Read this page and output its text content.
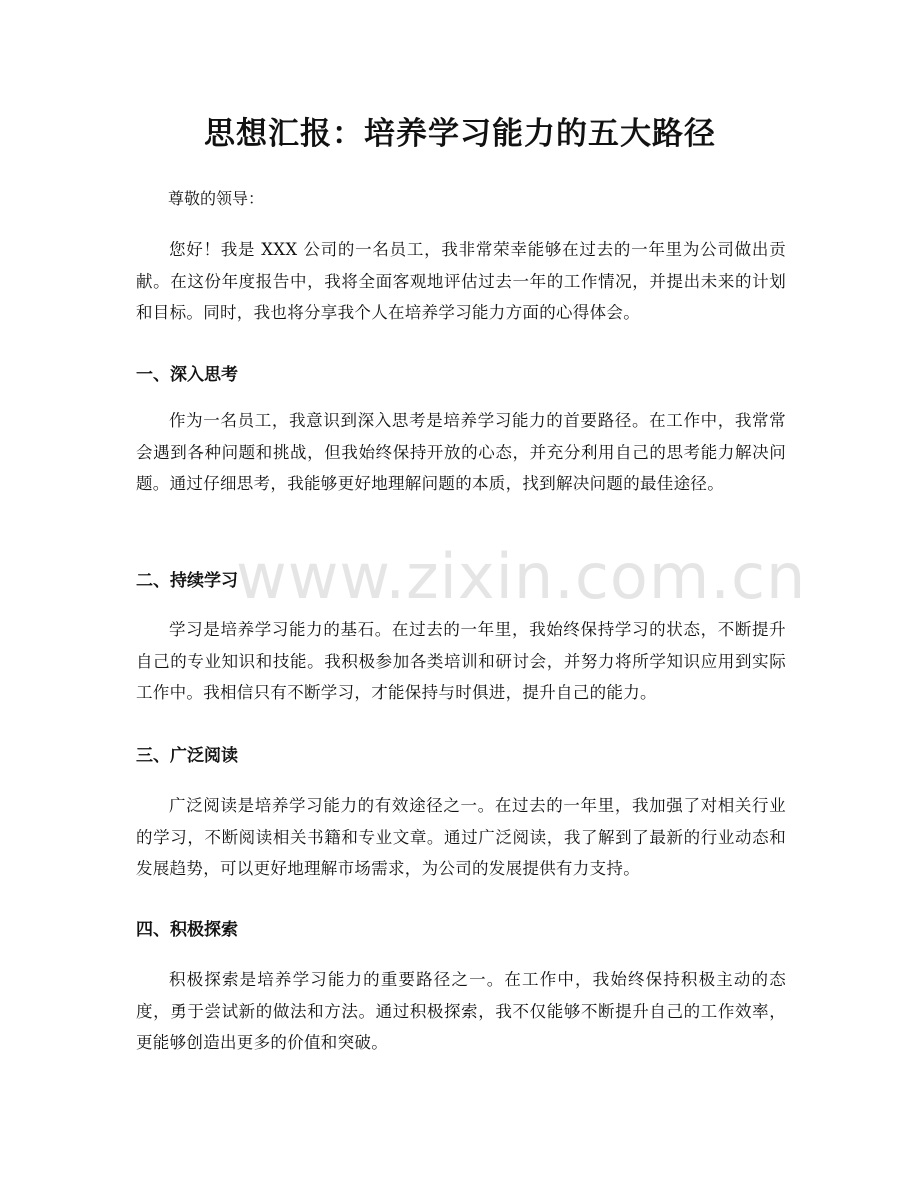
思想汇报：培养学习能力的五大路径

尊敬的领导：

您好！我是 XXX 公司的一名员工，我非常荣幸能够在过去的一年里为公司做出贡献。在这份年度报告中，我将全面客观地评估过去一年的工作情况，并提出未来的计划和目标。同时，我也将分享我个人在培养学习能力方面的心得体会。

一、深入思考

作为一名员工，我意识到深入思考是培养学习能力的首要路径。在工作中，我常常会遇到各种问题和挑战，但我始终保持开放的心态，并充分利用自己的思考能力解决问题。通过仔细思考，我能够更好地理解问题的本质，找到解决问题的最佳途径。

二、持续学习

学习是培养学习能力的基石。在过去的一年里，我始终保持学习的状态，不断提升自己的专业知识和技能。我积极参加各类培训和研讨会，并努力将所学知识应用到实际工作中。我相信只有不断学习，才能保持与时俱进，提升自己的能力。

三、广泛阅读

广泛阅读是培养学习能力的有效途径之一。在过去的一年里，我加强了对相关行业的学习，不断阅读相关书籍和专业文章。通过广泛阅读，我了解到了最新的行业动态和发展趋势，可以更好地理解市场需求，为公司的发展提供有力支持。

四、积极探索

积极探索是培养学习能力的重要路径之一。在工作中，我始终保持积极主动的态度，勇于尝试新的做法和方法。通过积极探索，我不仅能够不断提升自己的工作效率，更能够创造出更多的价值和突破。

www.zixin.com.cn
